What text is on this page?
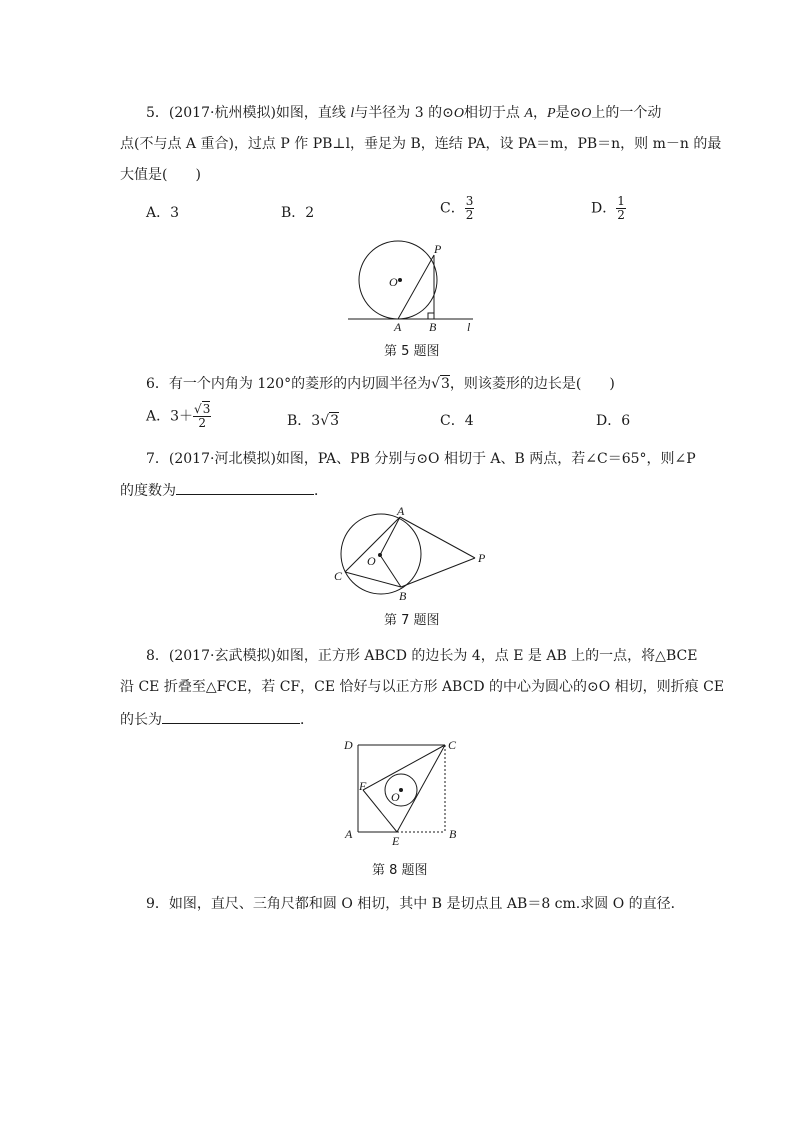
5．(2017·杭州模拟)如图，直线 l与半径为 3 的⊙O相切于点 A，P是⊙O上的一个动
点(不与点 A 重合)，过点 P 作 PB⊥l，垂足为 B，连结 PA，设 PA＝m，PB＝n，则 m－n 的最
大值是(　　)
A．3	B．2	C． $\frac{3}{2}$	D． $\frac{1}{2}$
P
O
A B	l
第 5 题图
6．有一个内角为 120°的菱形的内切圆半径为√3，则该菱形的边长是(　　)
A．$3+ \frac{√3}{2}$	B．3√3	C．4	D．6
7．(2017·河北模拟)如图，PA、PB 分别与⊙O 相切于 A、B 两点，若∠C＝65°，则∠P
的度数为	．
A
O	P
C
B
第 7 题图
8．(2017·玄武模拟)如图，正方形 ABCD 的边长为 4，点 E 是 AB 上的一点，将△BCE
沿 CE 折叠至△FCE，若 CF，CE 恰好与以正方形 ABCD 的中心为圆心的⊙O 相切，则折痕 CE
的长为	．
D	C
F
O
A	E	B
第 8 题图
9．如图，直尺、三角尺都和圆 O 相切，其中 B 是切点且 AB＝8 cm.求圆 O 的直径．
